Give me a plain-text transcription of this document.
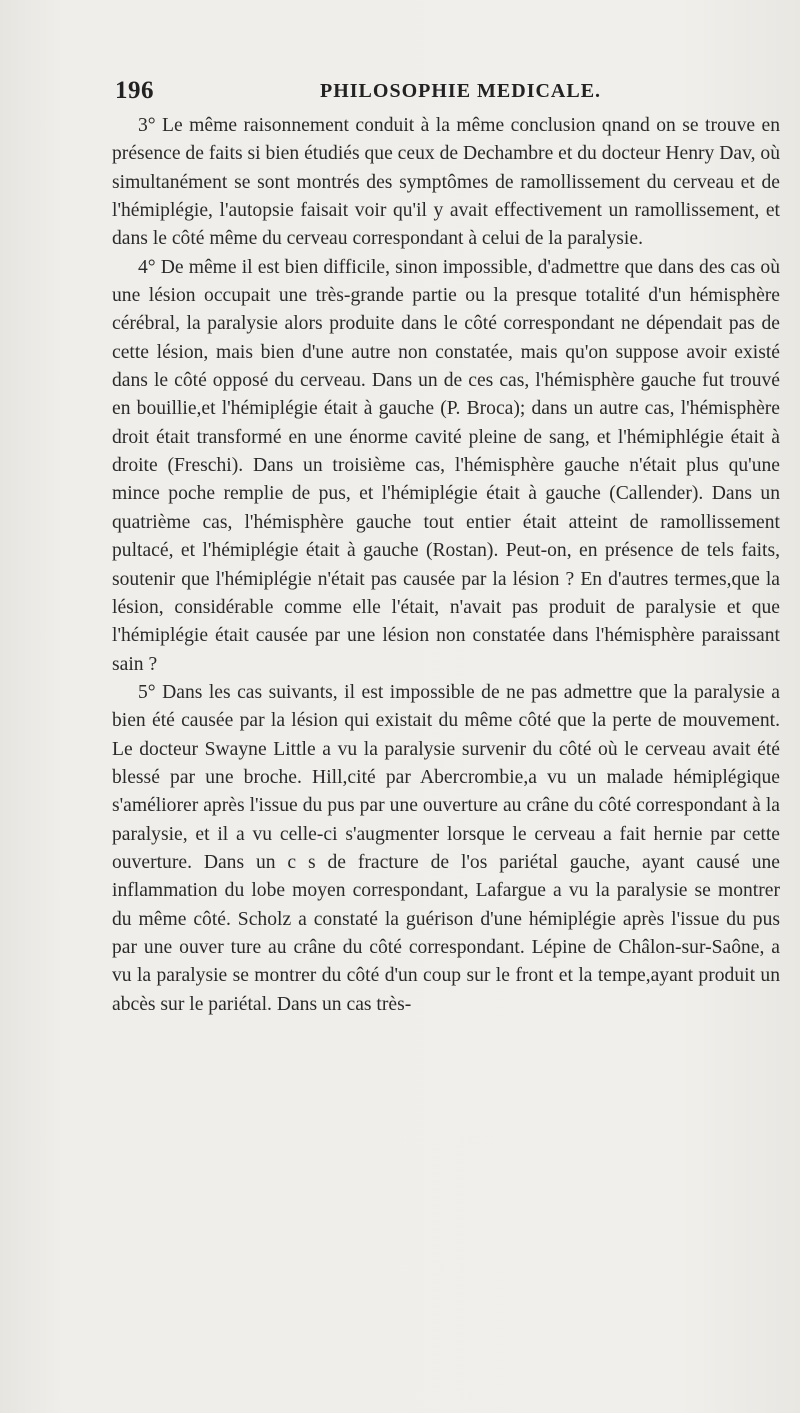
196	PHILOSOPHIE MEDICALE.

3° Le même raisonnement conduit à la même conclusion qnand on se trouve en présence de faits si bien étudiés que ceux de Dechambre et du docteur Henry Dav, où simultanément se sont montrés des symptômes de ramollissement du cerveau et de l'hémiplégie, l'autopsie faisait voir qu'il y avait effectivement un ramollissement, et dans le côté même du cerveau correspondant à celui de la paralysie.

4° De même il est bien difficile, sinon impossible, d'admettre que dans des cas où une lésion occupait une très-grande partie ou la presque totalité d'un hémisphère cérébral, la paralysie alors produite dans le côté correspondant ne dépendait pas de cette lésion, mais bien d'une autre non constatée, mais qu'on suppose avoir existé dans le côté opposé du cerveau. Dans un de ces cas, l'hémisphère gauche fut trouvé en bouillie,et l'hémiplégie était à gauche (P. Broca); dans un autre cas, l'hémisphère droit était transformé en une énorme cavité pleine de sang, et l'hémiphlégie était à droite (Freschi). Dans un troisième cas, l'hémisphère gauche n'était plus qu'une mince poche remplie de pus, et l'hémiplégie était à gauche (Callender). Dans un quatrième cas, l'hémisphère gauche tout entier était atteint de ramollissement pultacé, et l'hémiplégie était à gauche (Rostan). Peut-on, en présence de tels faits, soutenir que l'hémiplégie n'était pas causée par la lésion ? En d'autres termes,que la lésion, considérable comme elle l'était, n'avait pas produit de paralysie et que l'hémiplégie était causée par une lésion non constatée dans l'hémisphère paraissant sain ?

5° Dans les cas suivants, il est impossible de ne pas admettre que la paralysie a bien été causée par la lésion qui existait du même côté que la perte de mouvement. Le docteur Swayne Little a vu la paralysie survenir du côté où le cerveau avait été blessé par une broche. Hill,cité par Abercrombie,a vu un malade hémiplégique s'améliorer après l'issue du pus par une ouverture au crâne du côté correspondant à la paralysie, et il a vu celle-ci s'augmenter lorsque le cerveau a fait hernie par cette ouverture. Dans un c s de fracture de l'os pariétal gauche, ayant causé une inflammation du lobe moyen correspondant, Lafargue a vu la paralysie se montrer du même côté. Scholz a constaté la guérison d'une hémiplégie après l'issue du pus par une ouver ture au crâne du côté correspondant. Lépine de Châlon-sur-Saône, a vu la paralysie se montrer du côté d'un coup sur le front et la tempe,ayant produit un abcès sur le pariétal. Dans un cas très-
